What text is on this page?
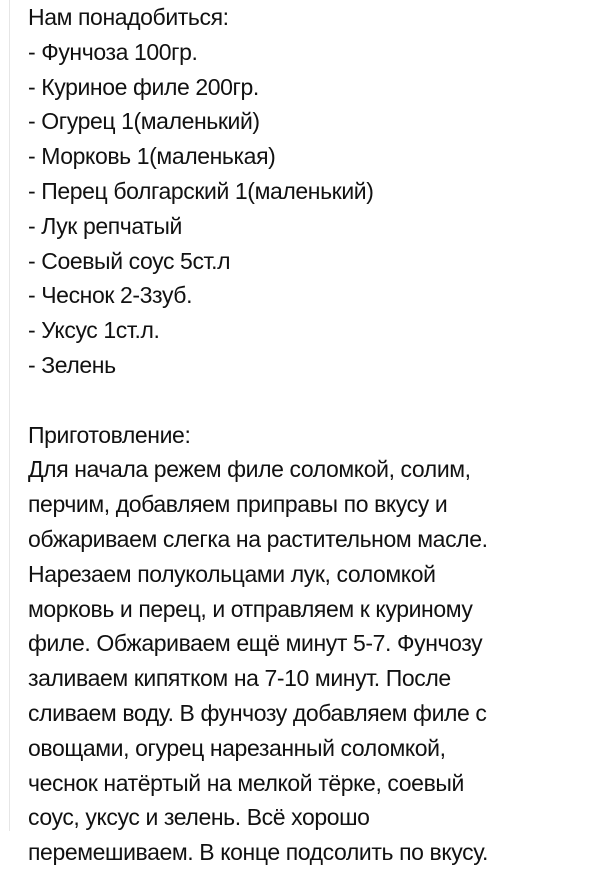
Нам понадобиться:
- Фунчоза 100гр.
- Куриное филе 200гр.
- Огурец 1(маленький)
- Морковь 1(маленькая)
- Перец болгарский 1(маленький)
- Лук репчатый
- Соевый соус 5ст.л
- Чеснок 2-3зуб.
- Уксус 1ст.л.
- Зелень
Приготовление:
Для начала режем филе соломкой, солим,
перчим, добавляем приправы по вкусу и
обжариваем слегка на растительном масле.
Нарезаем полукольцами лук, соломкой
морковь и перец, и отправляем к куриному
филе. Обжариваем ещё минут 5-7. Фунчозу
заливаем кипятком на 7-10 минут. После
сливаем воду. В фунчозу добавляем филе с
овощами, огурец нарезанный соломкой,
чеснок натёртый на мелкой тёрке, соевый
соус, уксус и зелень. Всё хорошо
перемешиваем. В конце подсолить по вкусу.
